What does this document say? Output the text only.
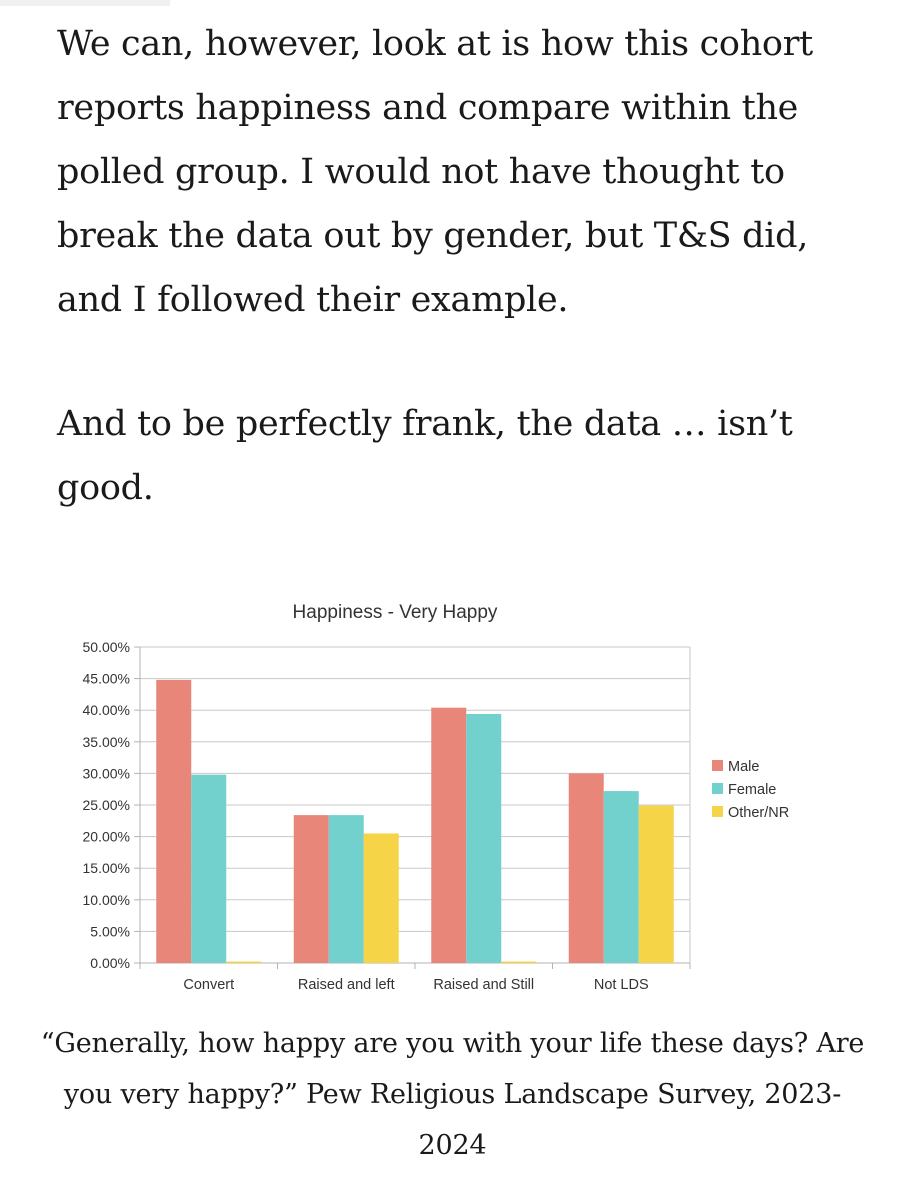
We can, however, look at is how this cohort reports happiness and compare within the polled group. I would not have thought to break the data out by gender, but T&S did, and I followed their example.

And to be perfectly frank, the data … isn’t good.

Happiness - Very Happy
0.00%
5.00%
10.00%
15.00%
20.00%
25.00%
30.00%
35.00%
40.00%
45.00%
50.00%
Convert	Raised and left	Raised and Still	Not LDS
Male
Female
Other/NR

“Generally, how happy are you with your life these days? Are you very happy?” Pew Religious Landscape Survey, 2023-2024
